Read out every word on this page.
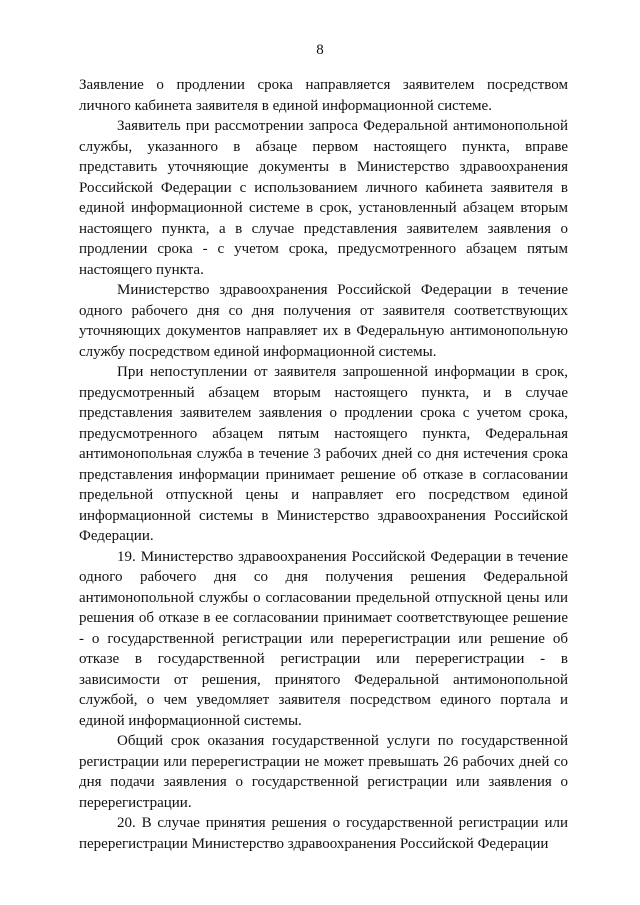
8

Заявление о продлении срока направляется заявителем посредством личного кабинета заявителя в единой информационной системе.

Заявитель при рассмотрении запроса Федеральной антимонопольной службы, указанного в абзаце первом настоящего пункта, вправе представить уточняющие документы в Министерство здравоохранения Российской Федерации с использованием личного кабинета заявителя в единой информационной системе в срок, установленный абзацем вторым настоящего пункта, а в случае представления заявителем заявления о продлении срока - с учетом срока, предусмотренного абзацем пятым настоящего пункта.

Министерство здравоохранения Российской Федерации в течение одного рабочего дня со дня получения от заявителя соответствующих уточняющих документов направляет их в Федеральную антимонопольную службу посредством единой информационной системы.

При непоступлении от заявителя запрошенной информации в срок, предусмотренный абзацем вторым настоящего пункта, и в случае представления заявителем заявления о продлении срока с учетом срока, предусмотренного абзацем пятым настоящего пункта, Федеральная антимонопольная служба в течение 3 рабочих дней со дня истечения срока представления информации принимает решение об отказе в согласовании предельной отпускной цены и направляет его посредством единой информационной системы в Министерство здравоохранения Российской Федерации.

19. Министерство здравоохранения Российской Федерации в течение одного рабочего дня со дня получения решения Федеральной антимонопольной службы о согласовании предельной отпускной цены или решения об отказе в ее согласовании принимает соответствующее решение - о государственной регистрации или перерегистрации или решение об отказе в государственной регистрации или перерегистрации - в зависимости от решения, принятого Федеральной антимонопольной службой, о чем уведомляет заявителя посредством единого портала и единой информационной системы.

Общий срок оказания государственной услуги по государственной регистрации или перерегистрации не может превышать 26 рабочих дней со дня подачи заявления о государственной регистрации или заявления о перерегистрации.

20. В случае принятия решения о государственной регистрации или перерегистрации Министерство здравоохранения Российской Федерации
